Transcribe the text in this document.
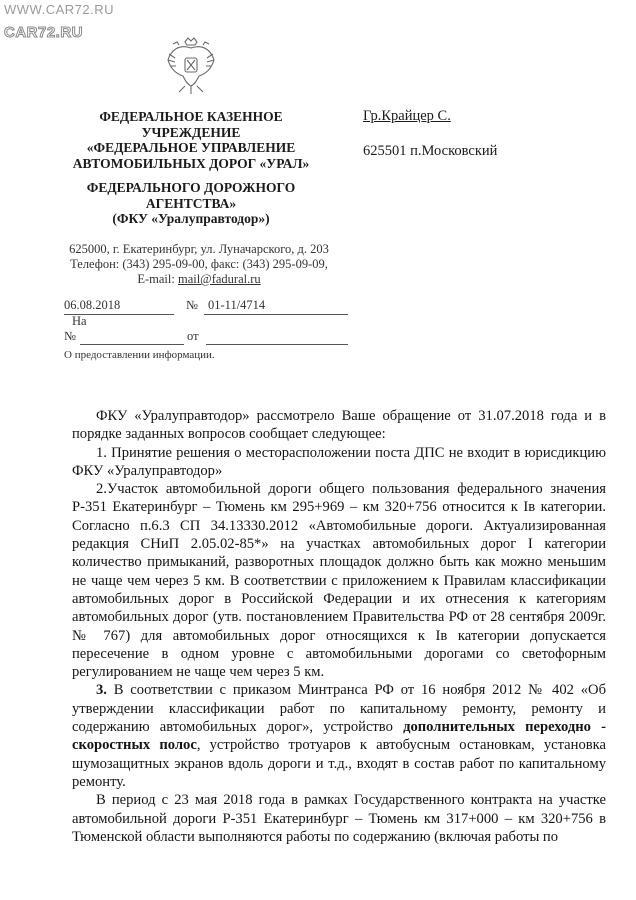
WWW.CAR72.RU
CAR72.RU
ФЕДЕРАЛЬНОЕ КАЗЕННОЕ
УЧРЕЖДЕНИЕ
«ФЕДЕРАЛЬНОЕ УПРАВЛЕНИЕ
АВТОМОБИЛЬНЫХ ДОРОГ «УРАЛ»
ФЕДЕРАЛЬНОГО ДОРОЖНОГО
АГЕНТСТВА»
(ФКУ «Уралуправтодор»)
625000, г. Екатеринбург, ул. Луначарского, д. 203
Телефон: (343) 295-09-00, факс: (343) 295-09-09,
E-mail: mail@fadural.ru
Гр.Крайцер С.
625501 п.Московский
06.08.2018	№ 01-11/4714
На
№	от
О предоставлении информации.

ФКУ «Уралуправтодор» рассмотрело Ваше обращение от 31.07.2018 года и в порядке заданных вопросов сообщает следующее:

1. Принятие решения о месторасположении поста ДПС не входит в юрисдикцию ФКУ «Уралуправтодор»

2.Участок автомобильной дороги общего пользования федерального значения Р-351 Екатеринбург – Тюмень км 295+969 – км 320+756 относится к Iв категории. Согласно п.6.3 СП 34.13330.2012 «Автомобильные дороги. Актуализированная редакция СНиП 2.05.02-85*» на участках автомобильных дорог I категории количество примыканий, разворотных площадок должно быть как можно меньшим не чаще чем через 5 км. В соответствии с приложением к Правилам классификации автомобильных дорог в Российской Федерации и их отнесения к категориям автомобильных дорог (утв. постановлением Правительства РФ от 28 сентября 2009г. № 767) для автомобильных дорог относящихся к Iв категории допускается пересечение в одном уровне с автомобильными дорогами со светофорным регулированием не чаще чем через 5 км.

3. В соответствии с приказом Минтранса РФ от 16 ноября 2012 № 402 «Об утверждении классификации работ по капитальному ремонту, ремонту и содержанию автомобильных дорог», устройство дополнительных переходно - скоростных полос, устройство тротуаров к автобусным остановкам, установка шумозащитных экранов вдоль дороги и т.д., входят в состав работ по капитальному ремонту.

В период с 23 мая 2018 года в рамках Государственного контракта на участке автомобильной дороги Р-351 Екатеринбург – Тюмень км 317+000 – км 320+756 в Тюменской области выполняются работы по содержанию (включая работы по
